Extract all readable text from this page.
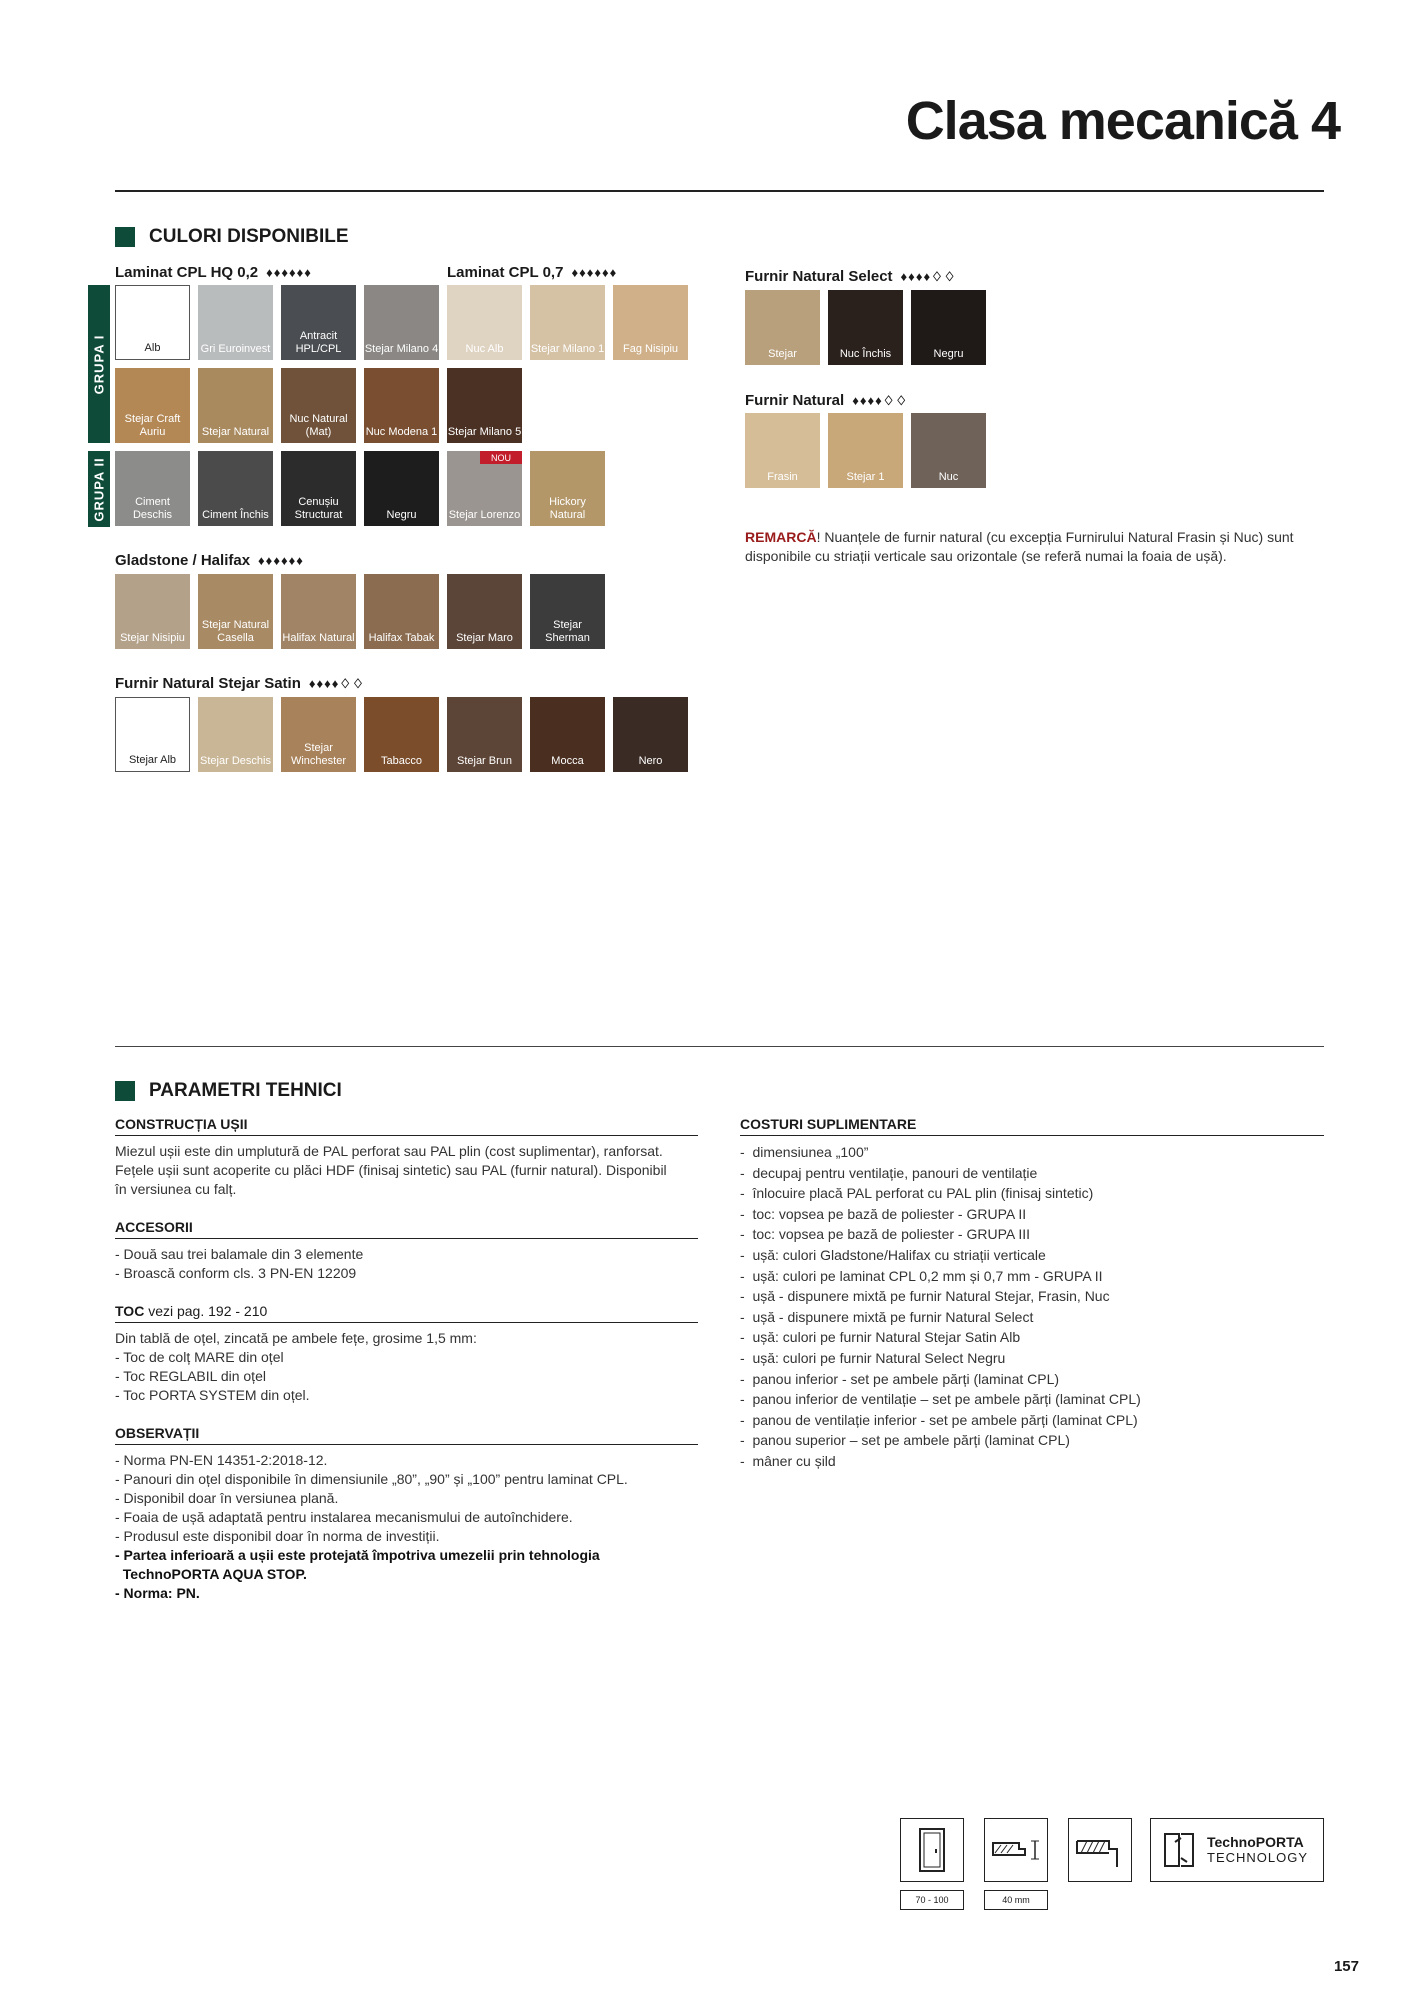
Clasa mecanică 4
CULORI DISPONIBILE
Laminat CPL HQ 0,2 ♦♦♦♦♦♦	Laminat CPL 0,7 ♦♦♦♦♦♦
GRUPA I
GRUPA II
Alb	Gri Euroinvest
Antracit HPL/CPL	Stejar Milano 4 Nuc Alb Stejar Milano 1 Fag Nisipiu
Stejar Craft Auriu	Stejar Natural
Nuc Natural (Mat)	Nuc Modena 1 Stejar Milano 5
Ciment Deschis	Ciment Închis
Cenușiu Structurat	Negru
NOU
Stejar Lorenzo
Hickory Natural
Gladstone / Halifax ♦♦♦♦♦♦
Stejar Nisipiu
Stejar Natural Casella	Halifax Natural Halifax Tabak Stejar Maro
Stejar Sherman
Furnir Natural Stejar Satin ♦♦♦♦♢♢
Stejar Alb Stejar Deschis
Stejar Winchester	Tabacco	Stejar Brun	Mocca	Nero
Furnir Natural Select ♦♦♦♦♢♢
Stejar	Nuc Închis	Negru
Furnir Natural ♦♦♦♦♢♢
Frasin	Stejar 1	Nuc
REMARCĂ! Nuanțele de furnir natural (cu excepția Furnirului Natural Frasin și Nuc) sunt disponibile cu striații verticale sau orizontale (se referă numai la foaia de ușă).
PARAMETRI TEHNICI
CONSTRUCȚIA UȘII
Miezul ușii este din umplutură de PAL perforat sau PAL plin (cost suplimentar), ranforsat.
Fețele ușii sunt acoperite cu plăci HDF (finisaj sintetic) sau PAL (furnir natural). Disponibil
în versiunea cu falț.
ACCESORII
- Două sau trei balamale din 3 elemente
- Broască conform cls. 3 PN-EN 12209
TOC vezi pag. 192 - 210
Din tablă de oțel, zincată pe ambele fețe, grosime 1,5 mm:
- Toc de colț MARE din oțel
- Toc REGLABIL din oțel
- Toc PORTA SYSTEM din oțel.
OBSERVAȚII
- Norma PN-EN 14351-2:2018-12.
- Panouri din oțel disponibile în dimensiunile „80”, „90” și „100” pentru laminat CPL.
- Disponibil doar în versiunea plană.
- Foaia de ușă adaptată pentru instalarea mecanismului de autoînchidere.
- Produsul este disponibil doar în norma de investiții.
- Partea inferioară a ușii este protejată împotriva umezelii prin tehnologia
TechnoPORTA AQUA STOP.
- Norma: PN.
COSTURI SUPLIMENTARE
-  dimensiunea „100”
-  decupaj pentru ventilație, panouri de ventilație
-  înlocuire placă PAL perforat cu PAL plin (finisaj sintetic)
-  toc: vopsea pe bază de poliester - GRUPA II
-  toc: vopsea pe bază de poliester - GRUPA III
-  ușă: culori Gladstone/Halifax cu striații verticale
-  ușă: culori pe laminat CPL 0,2 mm și 0,7 mm - GRUPA II
-  ușă - dispunere mixtă pe furnir Natural Stejar, Frasin, Nuc
-  ușă - dispunere mixtă pe furnir Natural Select
-  ușă: culori pe furnir Natural Stejar Satin Alb
-  ușă: culori pe furnir Natural Select Negru
-  panou inferior - set pe ambele părți (laminat CPL)
-  panou inferior de ventilație – set pe ambele părți (laminat CPL)
-  panou de ventilație inferior - set pe ambele părți (laminat CPL)
-  panou superior – set pe ambele părți (laminat CPL)
-  mâner cu șild
70 - 100	40 mm
TechnoPORTA
TECHNOLOGY
157
